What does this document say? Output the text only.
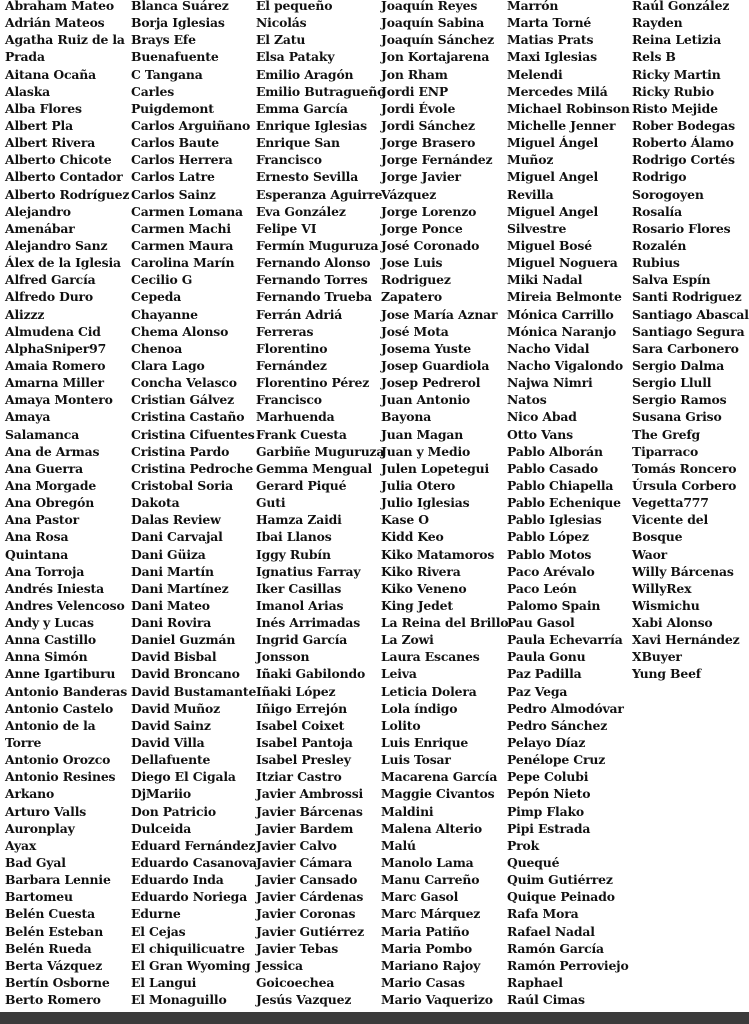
Abraham Mateo
Adrián Mateos
Agatha Ruiz de la
Prada
Aitana Ocaña
Alaska
Alba Flores
Albert Pla
Albert Rivera
Alberto Chicote
Alberto Contador
Alberto Rodríguez
Alejandro
Amenábar
Alejandro Sanz
Álex de la Iglesia
Alfred García
Alfredo Duro
Alizzz
Almudena Cid
AlphaSniper97
Amaia Romero
Amarna Miller
Amaya Montero
Amaya
Salamanca
Ana de Armas
Ana Guerra
Ana Morgade
Ana Obregón
Ana Pastor
Ana Rosa
Quintana
Ana Torroja
Andrés Iniesta
Andres Velencoso
Andy y Lucas
Anna Castillo
Anna Simón
Anne Igartiburu
Antonio Banderas
Antonio Castelo
Antonio de la
Torre
Antonio Orozco
Antonio Resines
Arkano
Arturo Valls
Auronplay
Ayax
Bad Gyal
Barbara Lennie
Bartomeu
Belén Cuesta
Belén Esteban
Belén Rueda
Berta Vázquez
Bertín Osborne
Berto Romero
Blanca Suárez
Borja Iglesias
Brays Efe
Buenafuente
C Tangana
Carles
Puigdemont
Carlos Arguiñano
Carlos Baute
Carlos Herrera
Carlos Latre
Carlos Sainz
Carmen Lomana
Carmen Machi
Carmen Maura
Carolina Marín
Cecilio G
Cepeda
Chayanne
Chema Alonso
Chenoa
Clara Lago
Concha Velasco
Cristian Gálvez
Cristina Castaño
Cristina Cifuentes
Cristina Pardo
Cristina Pedroche
Cristobal Soria
Dakota
Dalas Review
Dani Carvajal
Dani Güiza
Dani Martín
Dani Martínez
Dani Mateo
Dani Rovira
Daniel Guzmán
David Bisbal
David Broncano
David Bustamante
David Muñoz
David Sainz
David Villa
Dellafuente
Diego El Cigala
DjMariio
Don Patricio
Dulceida
Eduard Fernández
Eduardo Casanova
Eduardo Inda
Eduardo Noriega
Edurne
El Cejas
El chiquilicuatre
El Gran Wyoming
El Langui
El Monaguillo
El pequeño
Nicolás
El Zatu
Elsa Pataky
Emilio Aragón
Emilio Butragueño
Emma García
Enrique Iglesias
Enrique San
Francisco
Ernesto Sevilla
Esperanza Aguirre
Eva González
Felipe VI
Fermín Muguruza
Fernando Alonso
Fernando Torres
Fernando Trueba
Ferrán Adriá
Ferreras
Florentino
Fernández
Florentino Pérez
Francisco
Marhuenda
Frank Cuesta
Garbiñe Muguruza
Gemma Mengual
Gerard Piqué
Guti
Hamza Zaidi
Ibai Llanos
Iggy Rubín
Ignatius Farray
Iker Casillas
Imanol Arias
Inés Arrimadas
Ingrid García
Jonsson
Iñaki Gabilondo
Iñaki López
Iñigo Errejón
Isabel Coixet
Isabel Pantoja
Isabel Presley
Itziar Castro
Javier Ambrossi
Javier Bárcenas
Javier Bardem
Javier Calvo
Javier Cámara
Javier Cansado
Javier Cárdenas
Javier Coronas
Javier Gutiérrez
Javier Tebas
Jessica
Goicoechea
Jesús Vazquez
Joaquín Reyes
Joaquín Sabina
Joaquín Sánchez
Jon Kortajarena
Jon Rham
Jordi ENP
Jordi Évole
Jordi Sánchez
Jorge Brasero
Jorge Fernández
Jorge Javier
Vázquez
Jorge Lorenzo
Jorge Ponce
José Coronado
Jose Luis
Rodriguez
Zapatero
Jose María Aznar
José Mota
Josema Yuste
Josep Guardiola
Josep Pedrerol
Juan Antonio
Bayona
Juan Magan
Juan y Medio
Julen Lopetegui
Julia Otero
Julio Iglesias
Kase O
Kidd Keo
Kiko Matamoros
Kiko Rivera
Kiko Veneno
King Jedet
La Reina del Brillo
La Zowi
Laura Escanes
Leiva
Leticia Dolera
Lola índigo
Lolito
Luis Enrique
Luis Tosar
Macarena García
Maggie Civantos
Maldini
Malena Alterio
Malú
Manolo Lama
Manu Carreño
Marc Gasol
Marc Márquez
Maria Patiño
Maria Pombo
Mariano Rajoy
Mario Casas
Mario Vaquerizo
Marrón
Marta Torné
Matias Prats
Maxi Iglesias
Melendi
Mercedes Milá
Michael Robinson
Michelle Jenner
Miguel Ángel
Muñoz
Miguel Angel
Revilla
Miguel Angel
Silvestre
Miguel Bosé
Miguel Noguera
Miki Nadal
Mireia Belmonte
Mónica Carrillo
Mónica Naranjo
Nacho Vidal
Nacho Vigalondo
Najwa Nimri
Natos
Nico Abad
Otto Vans
Pablo Alborán
Pablo Casado
Pablo Chiapella
Pablo Echenique
Pablo Iglesias
Pablo López
Pablo Motos
Paco Arévalo
Paco León
Palomo Spain
Pau Gasol
Paula Echevarría
Paula Gonu
Paz Padilla
Paz Vega
Pedro Almodóvar
Pedro Sánchez
Pelayo Díaz
Penélope Cruz
Pepe Colubi
Pepón Nieto
Pimp Flako
Pipi Estrada
Prok
Quequé
Quim Gutiérrez
Quique Peinado
Rafa Mora
Rafael Nadal
Ramón García
Ramón Perroviejo
Raphael
Raúl Cimas
Raúl González
Rayden
Reina Letizia
Rels B
Ricky Martin
Ricky Rubio
Risto Mejide
Rober Bodegas
Roberto Álamo
Rodrigo Cortés
Rodrigo
Sorogoyen
Rosalía
Rosario Flores
Rozalén
Rubius
Salva Espín
Santi Rodriguez
Santiago Abascal
Santiago Segura
Sara Carbonero
Sergio Dalma
Sergio Llull
Sergio Ramos
Susana Griso
The Grefg
Tiparraco
Tomás Roncero
Úrsula Corbero
Vegetta777
Vicente del
Bosque
Waor
Willy Bárcenas
WillyRex
Wismichu
Xabi Alonso
Xavi Hernández
XBuyer
Yung Beef
